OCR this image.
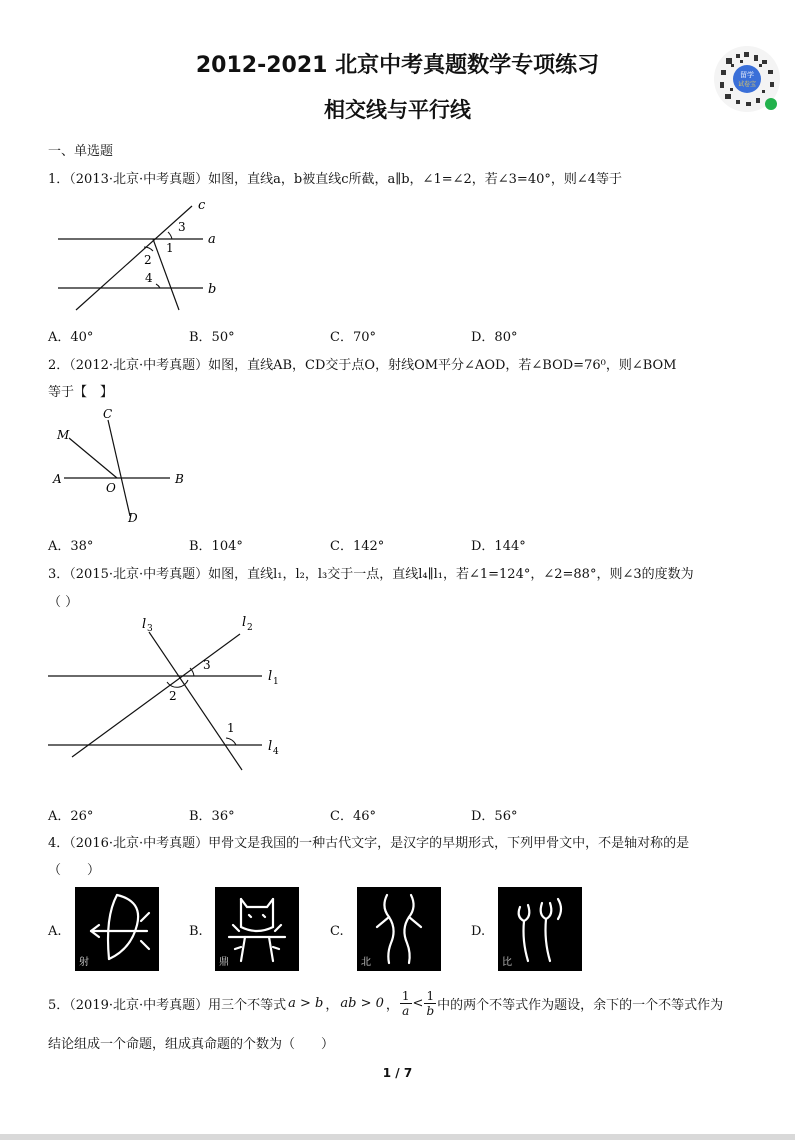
2012-2021 北京中考真题数学专项练习
相交线与平行线
留学
试卷宝
一、单选题
1．（2013·北京·中考真题）如图，直线a，b被直线c所截，a∥b，∠1=∠2，若∠3=40°，则∠4等于
c
a
b
3
1
2
4
A．40°	B．50°	C．70°	D．80°
2．（2012·北京·中考真题）如图，直线AB，CD交于点O，射线OM平分∠AOD，若∠BOD=76⁰，则∠BOM
等于【　】
C
M
A
O
B
D
A．38°	B．104°	C．142°	D．144°
3．（2015·北京·中考真题）如图，直线l₁，l₂，l₃交于一点，直线l₄∥l₁，若∠1=124°，∠2=88°，则∠3的度数为
（ ）
l 3	l 2
l 1
l 4
3
2
1
A．26°	B．36°	C．46°	D．56°
4．（2016·北京·中考真题）甲骨文是我国的一种古代文字，是汉字的早期形式，下列甲骨文中，不是轴对称的是
（　　）
A.
射
B.
鼎
C.
北
D.
比
5．（2019·北京·中考真题）用三个不等式 a > b ， ab > 0 ， $\frac{1}{a} < \frac{1}{b}$ 中的两个不等式作为题设，余下的一个不等式作为
结论组成一个命题，组成真命题的个数为（　　）
1 / 7
